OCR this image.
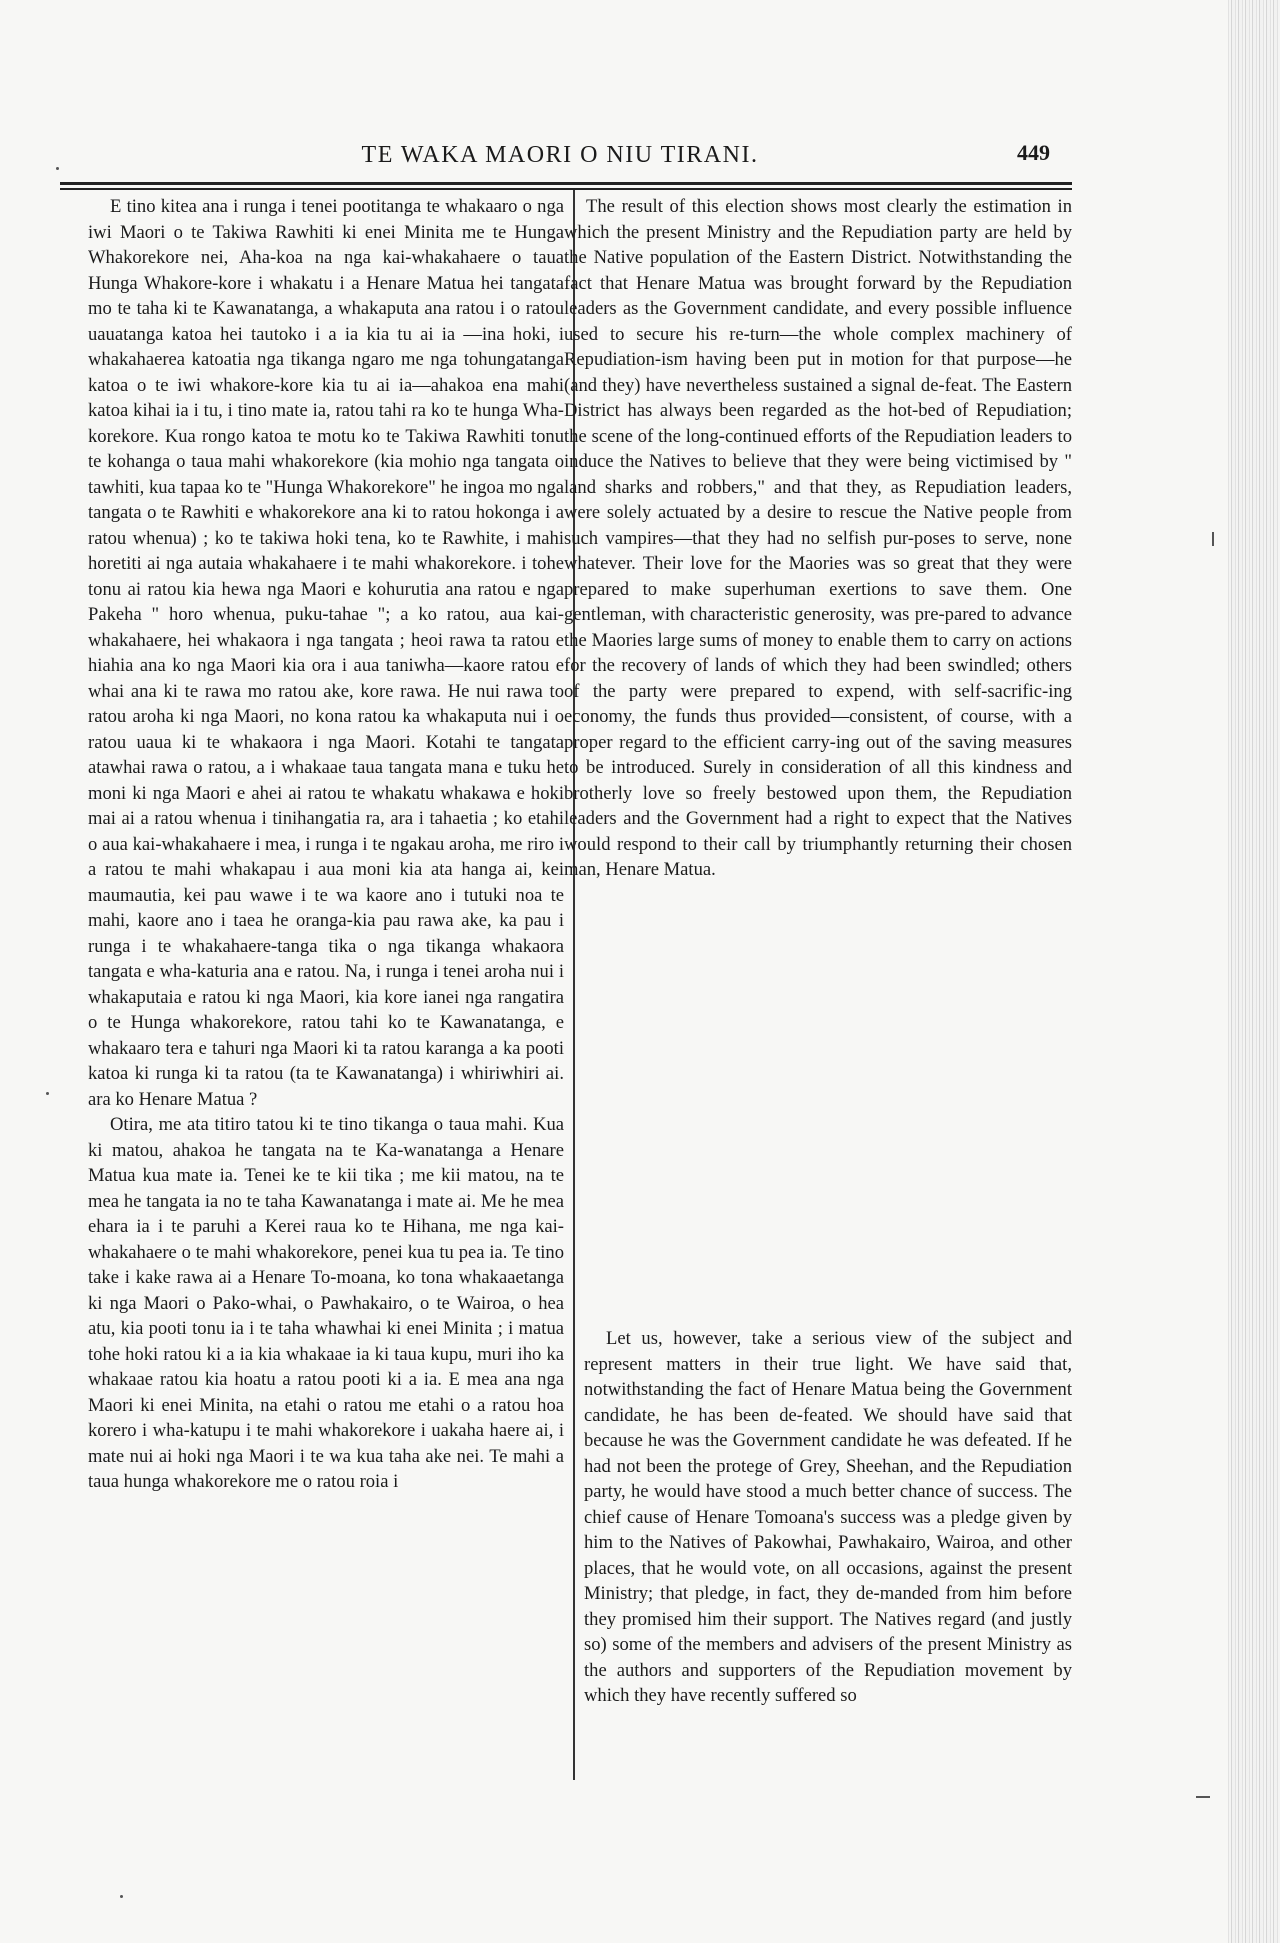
TE WAKA MAORI O NIU TIRANI.	449

E tino kitea ana i runga i tenei pootitanga te whakaaro o nga iwi Maori o te Takiwa Rawhiti ki enei Minita me te Hunga Whakorekore nei, Aha-koa na nga kai-whakahaere o taua Hunga Whakore-kore i whakatu i a Henare Matua hei tangata mo te taha ki te Kawanatanga, a whakaputa ana ratou i o ratou uauatanga katoa hei tautoko i a ia kia tu ai ia —ina hoki, i whakahaerea katoatia nga tikanga ngaro me nga tohungatanga katoa o te iwi whakore-kore kia tu ai ia—ahakoa ena mahi katoa kihai ia i tu, i tino mate ia, ratou tahi ra ko te hunga Wha-korekore. Kua rongo katoa te motu ko te Takiwa Rawhiti tonu te kohanga o taua mahi whakorekore (kia mohio nga tangata o tawhiti, kua tapaa ko te "Hunga Whakorekore" he ingoa mo nga tangata o te Rawhiti e whakorekore ana ki to ratou hokonga i a ratou whenua) ; ko te takiwa hoki tena, ko te Rawhite, i mahi horetiti ai nga autaia whakahaere i te mahi whakorekore. i tohe tonu ai ratou kia hewa nga Maori e kohurutia ana ratou e nga Pakeha " horo whenua, puku-tahae "; a ko ratou, aua kai-whakahaere, hei whakaora i nga tangata ; heoi rawa ta ratou e hiahia ana ko nga Maori kia ora i aua taniwha—kaore ratou e whai ana ki te rawa mo ratou ake, kore rawa. He nui rawa to ratou aroha ki nga Maori, no kona ratou ka whakaputa nui i o ratou uaua ki te whakaora i nga Maori. Kotahi te tangata atawhai rawa o ratou, a i whakaae taua tangata mana e tuku he moni ki nga Maori e ahei ai ratou te whakatu whakawa e hoki mai ai a ratou whenua i tinihangatia ra, ara i tahaetia ; ko etahi o aua kai-whakahaere i mea, i runga i te ngakau aroha, me riro i a ratou te mahi whakapau i aua moni kia ata hanga ai, kei maumautia, kei pau wawe i te wa kaore ano i tutuki noa te mahi, kaore ano i taea he oranga-kia pau rawa ake, ka pau i runga i te whakahaere-tanga tika o nga tikanga whakaora tangata e wha-katuria ana e ratou. Na, i runga i tenei aroha nui i whakaputaia e ratou ki nga Maori, kia kore ianei nga rangatira o te Hunga whakorekore, ratou tahi ko te Kawanatanga, e whakaaro tera e tahuri nga Maori ki ta ratou karanga a ka pooti katoa ki runga ki ta ratou (ta te Kawanatanga) i whiriwhiri ai. ara ko Henare Matua ?

Otira, me ata titiro tatou ki te tino tikanga o taua mahi. Kua ki matou, ahakoa he tangata na te Ka-wanatanga a Henare Matua kua mate ia. Tenei ke te kii tika ; me kii matou, na te mea he tangata ia no te taha Kawanatanga i mate ai. Me he mea ehara ia i te paruhi a Kerei raua ko te Hihana, me nga kai-whakahaere o te mahi whakorekore, penei kua tu pea ia. Te tino take i kake rawa ai a Henare To-moana, ko tona whakaaetanga ki nga Maori o Pako-whai, o Pawhakairo, o te Wairoa, o hea atu, kia pooti tonu ia i te taha whawhai ki enei Minita ; i matua tohe hoki ratou ki a ia kia whakaae ia ki taua kupu, muri iho ka whakaae ratou kia hoatu a ratou pooti ki a ia. E mea ana nga Maori ki enei Minita, na etahi o ratou me etahi o a ratou hoa korero i wha-katupu i te mahi whakorekore i uakaha haere ai, i mate nui ai hoki nga Maori i te wa kua taha ake nei. Te mahi a taua hunga whakorekore me o ratou roia i

The result of this election shows most clearly the estimation in which the present Ministry and the Repudiation party are held by the Native population of the Eastern District. Notwithstanding the fact that Henare Matua was brought forward by the Repudiation leaders as the Government candidate, and every possible influence used to secure his re-turn—the whole complex machinery of Repudiation-ism having been put in motion for that purpose—he (and they) have nevertheless sustained a signal de-feat. The Eastern District has always been regarded as the hot-bed of Repudiation; the scene of the long-continued efforts of the Repudiation leaders to induce the Natives to believe that they were being victimised by " land sharks and robbers," and that they, as Repudiation leaders, were solely actuated by a desire to rescue the Native people from such vampires—that they had no selfish pur-poses to serve, none whatever. Their love for the Maories was so great that they were prepared to make superhuman exertions to save them. One gentleman, with characteristic generosity, was pre-pared to advance the Maories large sums of money to enable them to carry on actions for the recovery of lands of which they had been swindled; others of the party were prepared to expend, with self-sacrific-ing economy, the funds thus provided—consistent, of course, with a proper regard to the efficient carry-ing out of the saving measures to be introduced. Surely in consideration of all this kindness and brotherly love so freely bestowed upon them, the Repudiation leaders and the Government had a right to expect that the Natives would respond to their call by triumphantly returning their chosen man, Henare Matua.

Let us, however, take a serious view of the subject and represent matters in their true light. We have said that, notwithstanding the fact of Henare Matua being the Government candidate, he has been de-feated. We should have said that because he was the Government candidate he was defeated. If he had not been the protege of Grey, Sheehan, and the Repudiation party, he would have stood a much better chance of success. The chief cause of Henare Tomoana's success was a pledge given by him to the Natives of Pakowhai, Pawhakairo, Wairoa, and other places, that he would vote, on all occasions, against the present Ministry; that pledge, in fact, they de-manded from him before they promised him their support. The Natives regard (and justly so) some of the members and advisers of the present Ministry as the authors and supporters of the Repudiation movement by which they have recently suffered so
